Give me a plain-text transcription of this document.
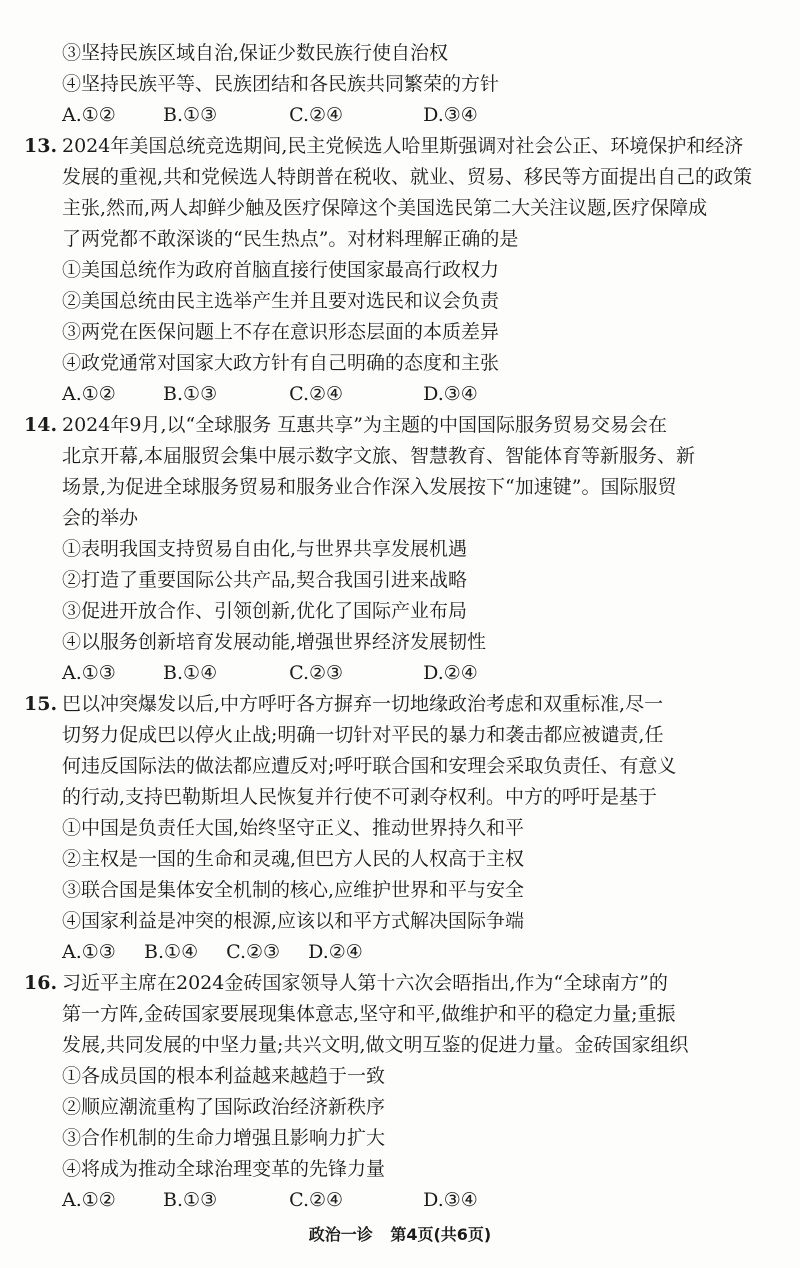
③坚持民族区域自治,保证少数民族行使自治权
④坚持民族平等、民族团结和各民族共同繁荣的方针
A.①② B.①③	C.②④	D.③④
13. 2024年美国总统竞选期间,民主党候选人哈里斯强调对社会公正、环境保护和经济
发展的重视,共和党候选人特朗普在税收、就业、贸易、移民等方面提出自己的政策
主张,然而,两人却鲜少触及医疗保障这个美国选民第二大关注议题,医疗保障成
了两党都不敢深谈的“民生热点”。对材料理解正确的是
①美国总统作为政府首脑直接行使国家最高行政权力
②美国总统由民主选举产生并且要对选民和议会负责
③两党在医保问题上不存在意识形态层面的本质差异
④政党通常对国家大政方针有自己明确的态度和主张
A.①② B.①③	C.②④	D.③④
14. 2024年9月,以“全球服务 互惠共享”为主题的中国国际服务贸易交易会在
北京开幕,本届服贸会集中展示数字文旅、智慧教育、智能体育等新服务、新
场景,为促进全球服务贸易和服务业合作深入发展按下“加速键”。国际服贸
会的举办
①表明我国支持贸易自由化,与世界共享发展机遇
②打造了重要国际公共产品,契合我国引进来战略
③促进开放合作、引领创新,优化了国际产业布局
④以服务创新培育发展动能,增强世界经济发展韧性
A.①③ B.①④	C.②③	D.②④
15. 巴以冲突爆发以后,中方呼吁各方摒弃一切地缘政治考虑和双重标准,尽一
切努力促成巴以停火止战;明确一切针对平民的暴力和袭击都应被谴责,任
何违反国际法的做法都应遭反对;呼吁联合国和安理会采取负责任、有意义
的行动,支持巴勒斯坦人民恢复并行使不可剥夺权利。中方的呼吁是基于
①中国是负责任大国,始终坚守正义、推动世界持久和平
②主权是一国的生命和灵魂,但巴方人民的人权高于主权
③联合国是集体安全机制的核心,应维护世界和平与安全
④国家利益是冲突的根源,应该以和平方式解决国际争端
A.①③ B.①④ C.②③ D.②④
16. 习近平主席在2024金砖国家领导人第十六次会晤指出,作为“全球南方”的
第一方阵,金砖国家要展现集体意志,坚守和平,做维护和平的稳定力量;重振
发展,共同发展的中坚力量;共兴文明,做文明互鉴的促进力量。金砖国家组织
①各成员国的根本利益越来越趋于一致
②顺应潮流重构了国际政治经济新秩序
③合作机制的生命力增强且影响力扩大
④将成为推动全球治理变革的先锋力量
A.①② B.①③	C.②④	D.③④
政治一诊 第4页(共6页)
